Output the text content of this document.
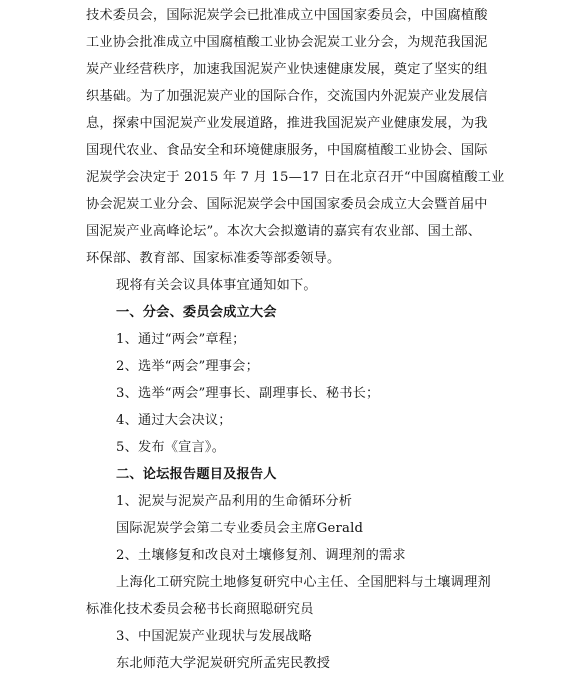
技术委员会，国际泥炭学会已批准成立中国国家委员会，中国腐植酸
工业协会批准成立中国腐植酸工业协会泥炭工业分会，为规范我国泥
炭产业经营秩序，加速我国泥炭产业快速健康发展，奠定了坚实的组
织基础。为了加强泥炭产业的国际合作，交流国内外泥炭产业发展信
息，探索中国泥炭产业发展道路，推进我国泥炭产业健康发展，为我
国现代农业、食品安全和环境健康服务，中国腐植酸工业协会、国际
泥炭学会决定于 2015 年 7 月 15—17 日在北京召开“中国腐植酸工业
协会泥炭工业分会、国际泥炭学会中国国家委员会成立大会暨首届中
国泥炭产业高峰论坛”。本次大会拟邀请的嘉宾有农业部、国土部、
环保部、教育部、国家标准委等部委领导。
现将有关会议具体事宜通知如下。
一、分会、委员会成立大会
1、通过“两会”章程；
2、选举“两会”理事会；
3、选举“两会”理事长、副理事长、秘书长；
4、通过大会决议；
5、发布《宣言》。
二、论坛报告题目及报告人
1、泥炭与泥炭产品利用的生命循环分析
国际泥炭学会第二专业委员会主席Gerald
2、土壤修复和改良对土壤修复剂、调理剂的需求
上海化工研究院土地修复研究中心主任、全国肥料与土壤调理剂
标准化技术委员会秘书长商照聪研究员
3、中国泥炭产业现状与发展战略
东北师范大学泥炭研究所孟宪民教授
